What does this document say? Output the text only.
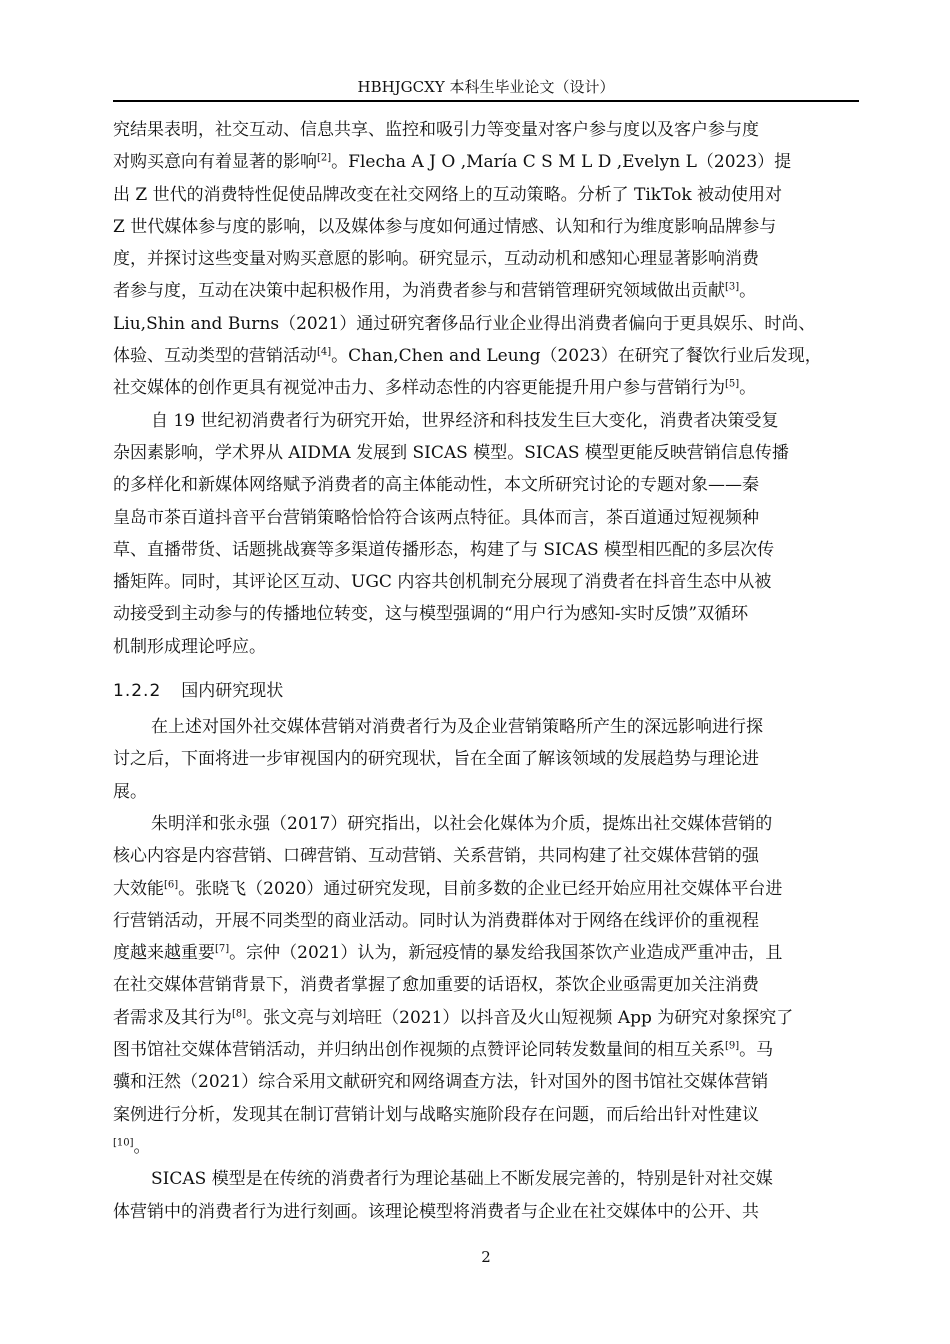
HBHJGCXY 本科生毕业论文（设计）
究结果表明，社交互动、信息共享、监控和吸引力等变量对客户参与度以及客户参与度
对购买意向有着显著的影响[2]。Flecha A J O ,María C S M L D ,Evelyn L（2023）提
出 Z 世代的消费特性促使品牌改变在社交网络上的互动策略。分析了 TikTok 被动使用对
Z 世代媒体参与度的影响，以及媒体参与度如何通过情感、认知和行为维度影响品牌参与
度，并探讨这些变量对购买意愿的影响。研究显示，互动动机和感知心理显著影响消费
者参与度，互动在决策中起积极作用，为消费者参与和营销管理研究领域做出贡献[3]。
Liu,Shin and Burns（2021）通过研究奢侈品行业企业得出消费者偏向于更具娱乐、时尚、
体验、互动类型的营销活动[4]。Chan,Chen and Leung（2023）在研究了餐饮行业后发现，
社交媒体的创作更具有视觉冲击力、多样动态性的内容更能提升用户参与营销行为[5]。
自 19 世纪初消费者行为研究开始，世界经济和科技发生巨大变化，消费者决策受复
杂因素影响，学术界从 AIDMA 发展到 SICAS 模型。SICAS 模型更能反映营销信息传播
的多样化和新媒体网络赋予消费者的高主体能动性，本文所研究讨论的专题对象——秦
皇岛市茶百道抖音平台营销策略恰恰符合该两点特征。具体而言，茶百道通过短视频种
草、直播带货、话题挑战赛等多渠道传播形态，构建了与 SICAS 模型相匹配的多层次传
播矩阵。同时，其评论区互动、UGC 内容共创机制充分展现了消费者在抖音生态中从被
动接受到主动参与的传播地位转变，这与模型强调的“用户行为感知-实时反馈”双循环
机制形成理论呼应。
1.2.2 国内研究现状
在上述对国外社交媒体营销对消费者行为及企业营销策略所产生的深远影响进行探
讨之后，下面将进一步审视国内的研究现状，旨在全面了解该领域的发展趋势与理论进
展。
朱明洋和张永强（2017）研究指出，以社会化媒体为介质，提炼出社交媒体营销的
核心内容是内容营销、口碑营销、互动营销、关系营销，共同构建了社交媒体营销的强
大效能[6]。张晓飞（2020）通过研究发现，目前多数的企业已经开始应用社交媒体平台进
行营销活动，开展不同类型的商业活动。同时认为消费群体对于网络在线评价的重视程
度越来越重要[7]。宗仲（2021）认为，新冠疫情的暴发给我国茶饮产业造成严重冲击，且
在社交媒体营销背景下，消费者掌握了愈加重要的话语权，茶饮企业亟需更加关注消费
者需求及其行为[8]。张文亮与刘培旺（2021）以抖音及火山短视频 App 为研究对象探究了
图书馆社交媒体营销活动，并归纳出创作视频的点赞评论同转发数量间的相互关系[9]。马
骥和汪然（2021）综合采用文献研究和网络调查方法，针对国外的图书馆社交媒体营销
案例进行分析，发现其在制订营销计划与战略实施阶段存在问题，而后给出针对性建议
[10]。
SICAS 模型是在传统的消费者行为理论基础上不断发展完善的，特别是针对社交媒
体营销中的消费者行为进行刻画。该理论模型将消费者与企业在社交媒体中的公开、共
2
